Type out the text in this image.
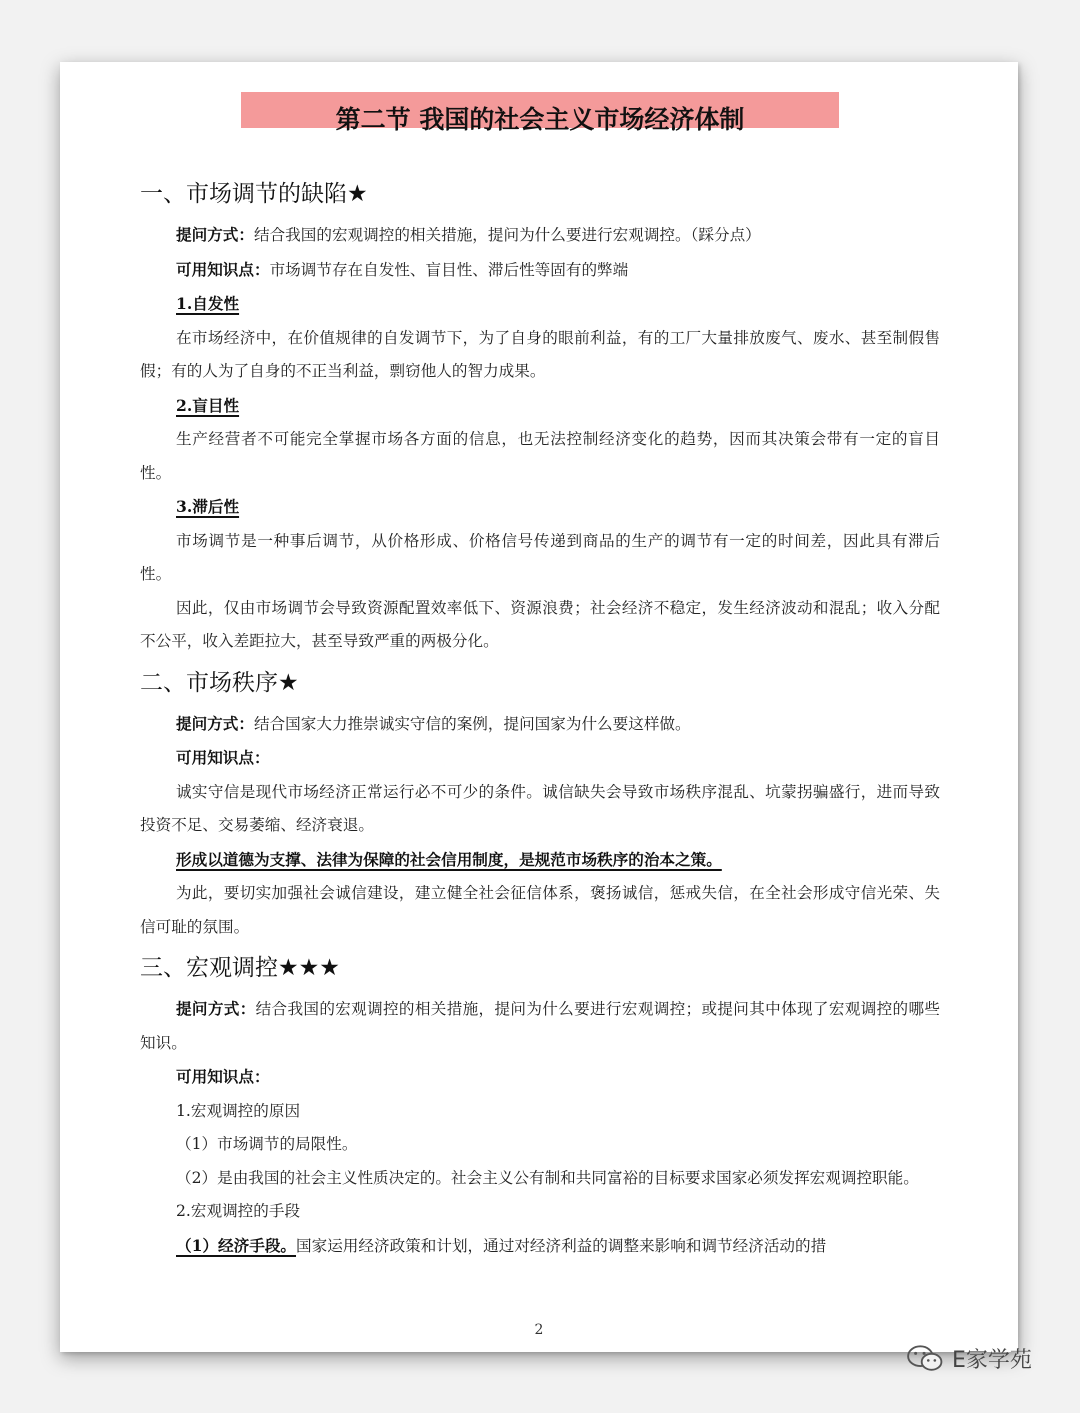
第二节 我国的社会主义市场经济体制
一、市场调节的缺陷★

提问方式：结合我国的宏观调控的相关措施，提问为什么要进行宏观调控。（踩分点）

可用知识点：市场调节存在自发性、盲目性、滞后性等固有的弊端

1.自发性

在市场经济中，在价值规律的自发调节下，为了自身的眼前利益，有的工厂大量排放废气、废水、甚至制假售假；有的人为了自身的不正当利益，剽窃他人的智力成果。

2.盲目性

生产经营者不可能完全掌握市场各方面的信息，也无法控制经济变化的趋势，因而其决策会带有一定的盲目性。

3.滞后性

市场调节是一种事后调节，从价格形成、价格信号传递到商品的生产的调节有一定的时间差，因此具有滞后性。

因此，仅由市场调节会导致资源配置效率低下、资源浪费；社会经济不稳定，发生经济波动和混乱；收入分配不公平，收入差距拉大，甚至导致严重的两极分化。

二、市场秩序★

提问方式：结合国家大力推崇诚实守信的案例，提问国家为什么要这样做。

可用知识点：

诚实守信是现代市场经济正常运行必不可少的条件。诚信缺失会导致市场秩序混乱、坑蒙拐骗盛行，进而导致投资不足、交易萎缩、经济衰退。

形成以道德为支撑、法律为保障的社会信用制度，是规范市场秩序的治本之策。

为此，要切实加强社会诚信建设，建立健全社会征信体系，褒扬诚信，惩戒失信，在全社会形成守信光荣、失信可耻的氛围。

三、宏观调控★★★

提问方式：结合我国的宏观调控的相关措施，提问为什么要进行宏观调控；或提问其中体现了宏观调控的哪些知识。

可用知识点：

1.宏观调控的原因

（1）市场调节的局限性。

（2）是由我国的社会主义性质决定的。社会主义公有制和共同富裕的目标要求国家必须发挥宏观调控职能。

2.宏观调控的手段

（1）经济手段。国家运用经济政策和计划，通过对经济利益的调整来影响和调节经济活动的措

2
E家学苑
